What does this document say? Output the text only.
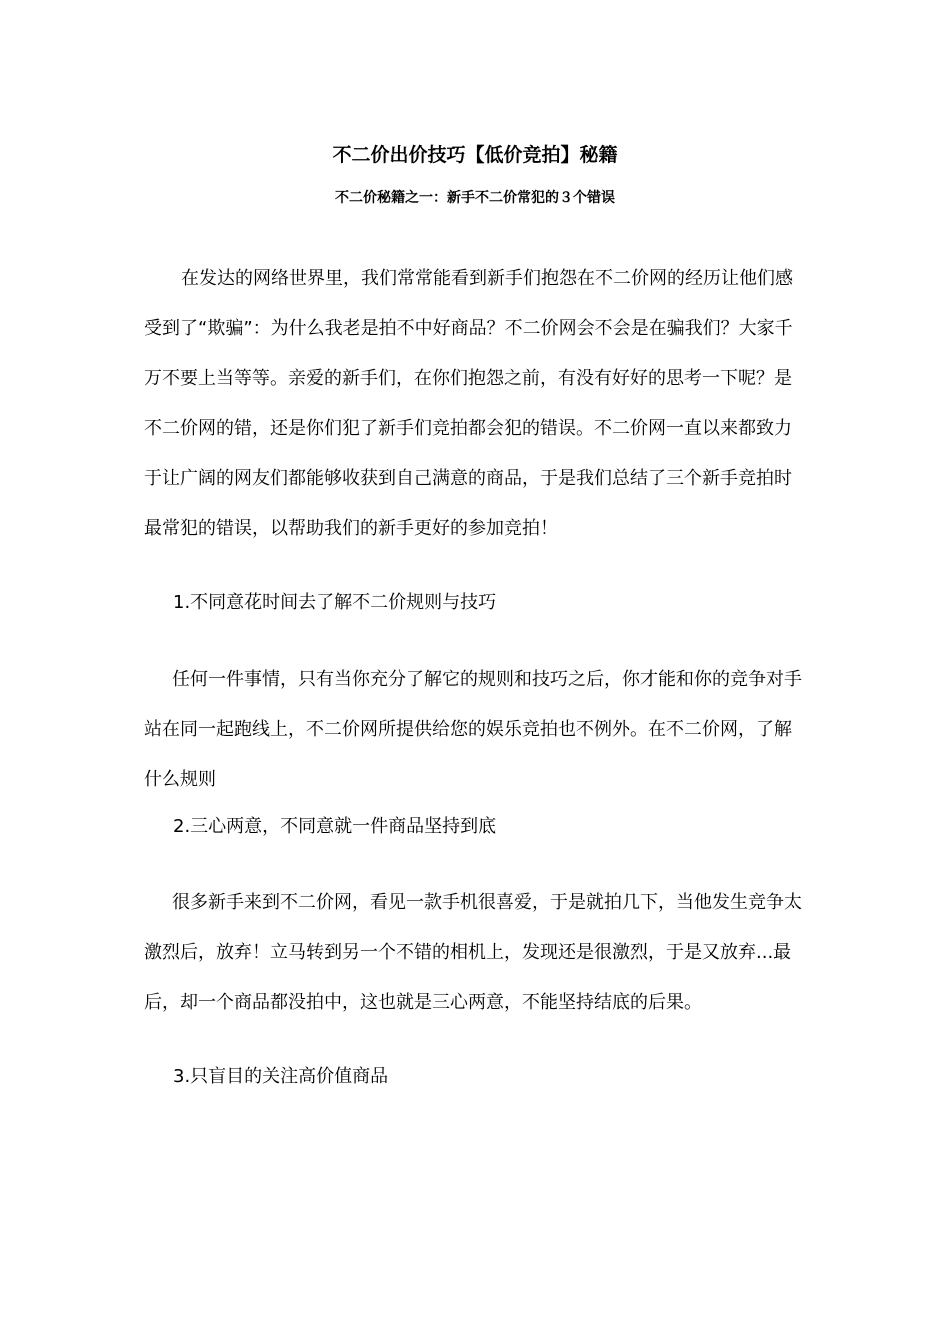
不二价出价技巧【低价竞拍】秘籍
不二价秘籍之一：新手不二价常犯的３个错误

在发达的网络世界里，我们常常能看到新手们抱怨在不二价网的经历让他们感受到了“欺骗”：为什么我老是拍不中好商品？不二价网会不会是在骗我们？大家千万不要上当等等。亲爱的新手们，在你们抱怨之前，有没有好好的思考一下呢？是不二价网的错，还是你们犯了新手们竞拍都会犯的错误。不二价网一直以来都致力于让广阔的网友们都能够收获到自己满意的商品，于是我们总结了三个新手竞拍时最常犯的错误，以帮助我们的新手更好的参加竞拍！

1.不同意花时间去了解不二价规则与技巧

任何一件事情，只有当你充分了解它的规则和技巧之后，你才能和你的竞争对手站在同一起跑线上，不二价网所提供给您的娱乐竞拍也不例外。在不二价网，了解什么规则

2.三心两意，不同意就一件商品坚持到底

很多新手来到不二价网，看见一款手机很喜爱，于是就拍几下，当他发生竞争太激烈后，放弃！立马转到另一个不错的相机上，发现还是很激烈，于是又放弃...最后，却一个商品都没拍中，这也就是三心两意，不能坚持结底的后果。

3.只盲目的关注高价值商品
